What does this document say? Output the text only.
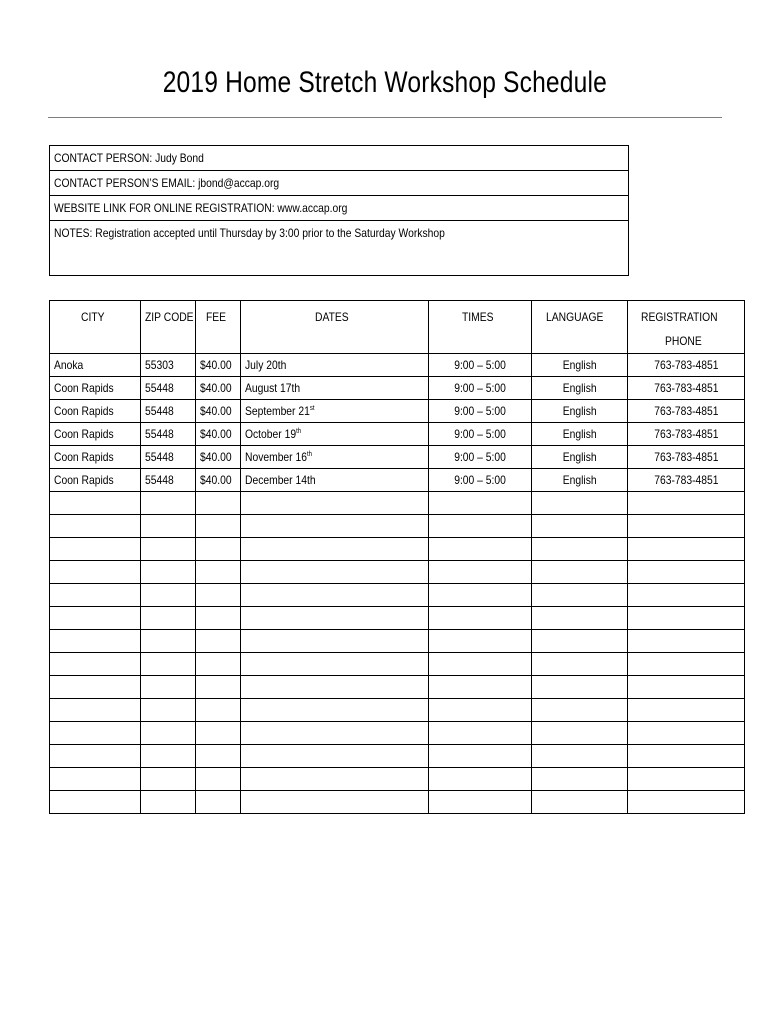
2019 Home Stretch Workshop Schedule
CONTACT PERSON: Judy Bond
CONTACT PERSON’S EMAIL: jbond@accap.org
WEBSITE LINK FOR ONLINE REGISTRATION: www.accap.org
NOTES: Registration accepted until Thursday by 3:00 prior to the Saturday Workshop
CITY	ZIP CODE	FEE	DATES	TIMES	LANGUAGE	REGISTRATION
PHONE
Anoka	55303	$40.00	July 20th	9:00 – 5:00	English	763-783-4851
Coon Rapids	55448	$40.00	August 17th	9:00 – 5:00	English	763-783-4851
Coon Rapids	55448	$40.00	September 21st	9:00 – 5:00	English	763-783-4851
Coon Rapids	55448	$40.00	October 19th	9:00 – 5:00	English	763-783-4851
Coon Rapids	55448	$40.00	November 16th	9:00 – 5:00	English	763-783-4851
Coon Rapids	55448	$40.00	December 14th	9:00 – 5:00	English	763-783-4851
